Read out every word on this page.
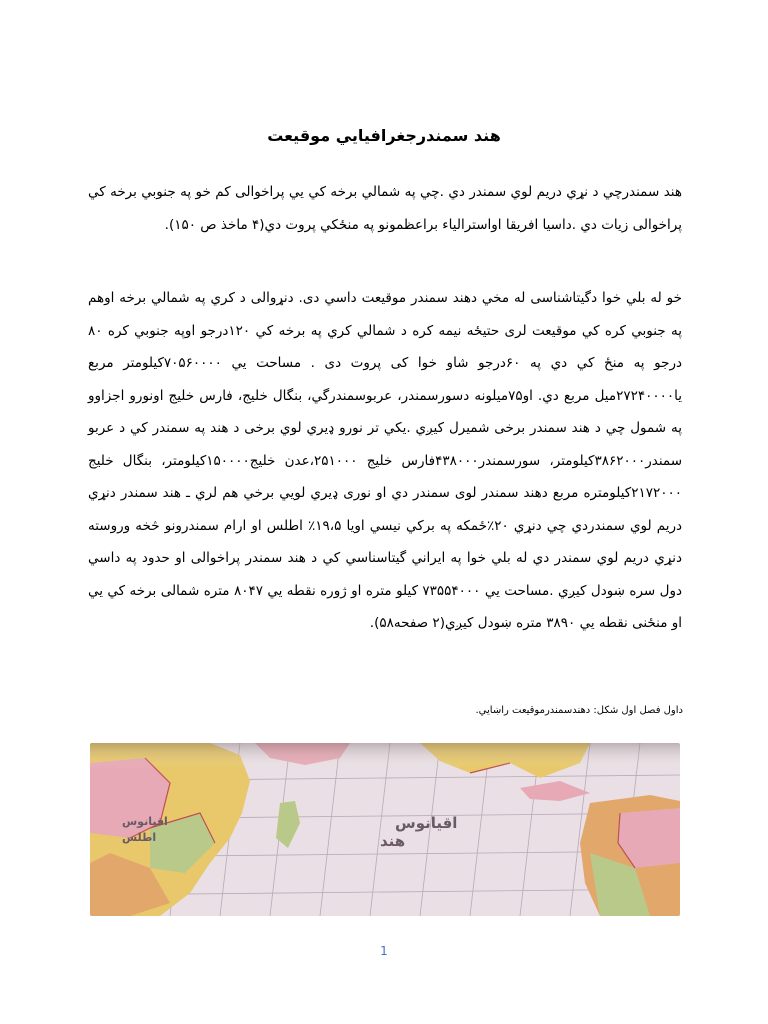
هند سمندرجغرافيايي موقيعت
هند سمندرچي د نړي دريم لوي سمندر دي .چي په شمالي برخه کي يي پراخوالى کم خو په جنوبي برخه کي پراخوالى زيات دي .داسيا افريقا اواسترالياء براعظمونو په منځکي پروت دي(۴ ماخذ ص ۱۵۰).
خو له بلي خوا دگيتاشناسى له مخي دهند سمندر موقيعت داسي دى. دنړوالى د کري په شمالي برخه اوهم په جنوبي کره کي موقيعت لرى حتيځه نيمه کره د شمالي کري په برخه کي ۱۲۰درجو اوپه جنوبي کره ۸۰ درجو په منځ کي دي په ۶۰درجو شاو خوا کى پروت دى . مساحت يي ۷۰۵۶۰۰۰۰کيلومتر مربع يا۲۷۲۴۰۰۰۰ميل مربع دي. او۷۵ميلونه دسورسمندر، عربوسمندرگي، بنگال خليج، فارس خليج اونورو اجزاوو په شمول چي د هند سمندر برخى شميرل کيږي .يکي تر نورو ډيري لوي برخى د هند په سمندر کي د عربو سمندر۳۸۶۲۰۰۰کيلومتر، سورسمندر۴۳۸۰۰۰فارس خليج ۲۵۱۰۰۰،عدن خليج۱۵۰۰۰۰کيلومتر، بنگال خليج ۲۱۷۲۰۰۰کيلومتره مربع دهند سمندر لوى سمندر دي او نورى ډيري لويي برخي هم لري ـ هند سمندر دنړي دريم لوي سمندردي چي دنړي ۲۰٪ځمکه په برکي نيسي اويا ۱۹،۵٪ اطلس او ارام سمندرونو څخه وروسته دنړي دريم لوي سمندر دي له بلي خوا په ايراني گيتاسناسي کي د هند سمندر پراخوالى او حدود په داسي دول سره ښودل کيږي .مساحت يي ۷۳۵۵۴۰۰۰ کيلو متره او ژوره نقطه يي ۸۰۴۷ متره شمالى برخه کي يي او منځنى نقطه يي ۳۸۹۰ متره ښودل کيږي(۲ صفحه۵۸).
داول فصل اول شکل: دهندسمندرموقيعت راښايي.
1
